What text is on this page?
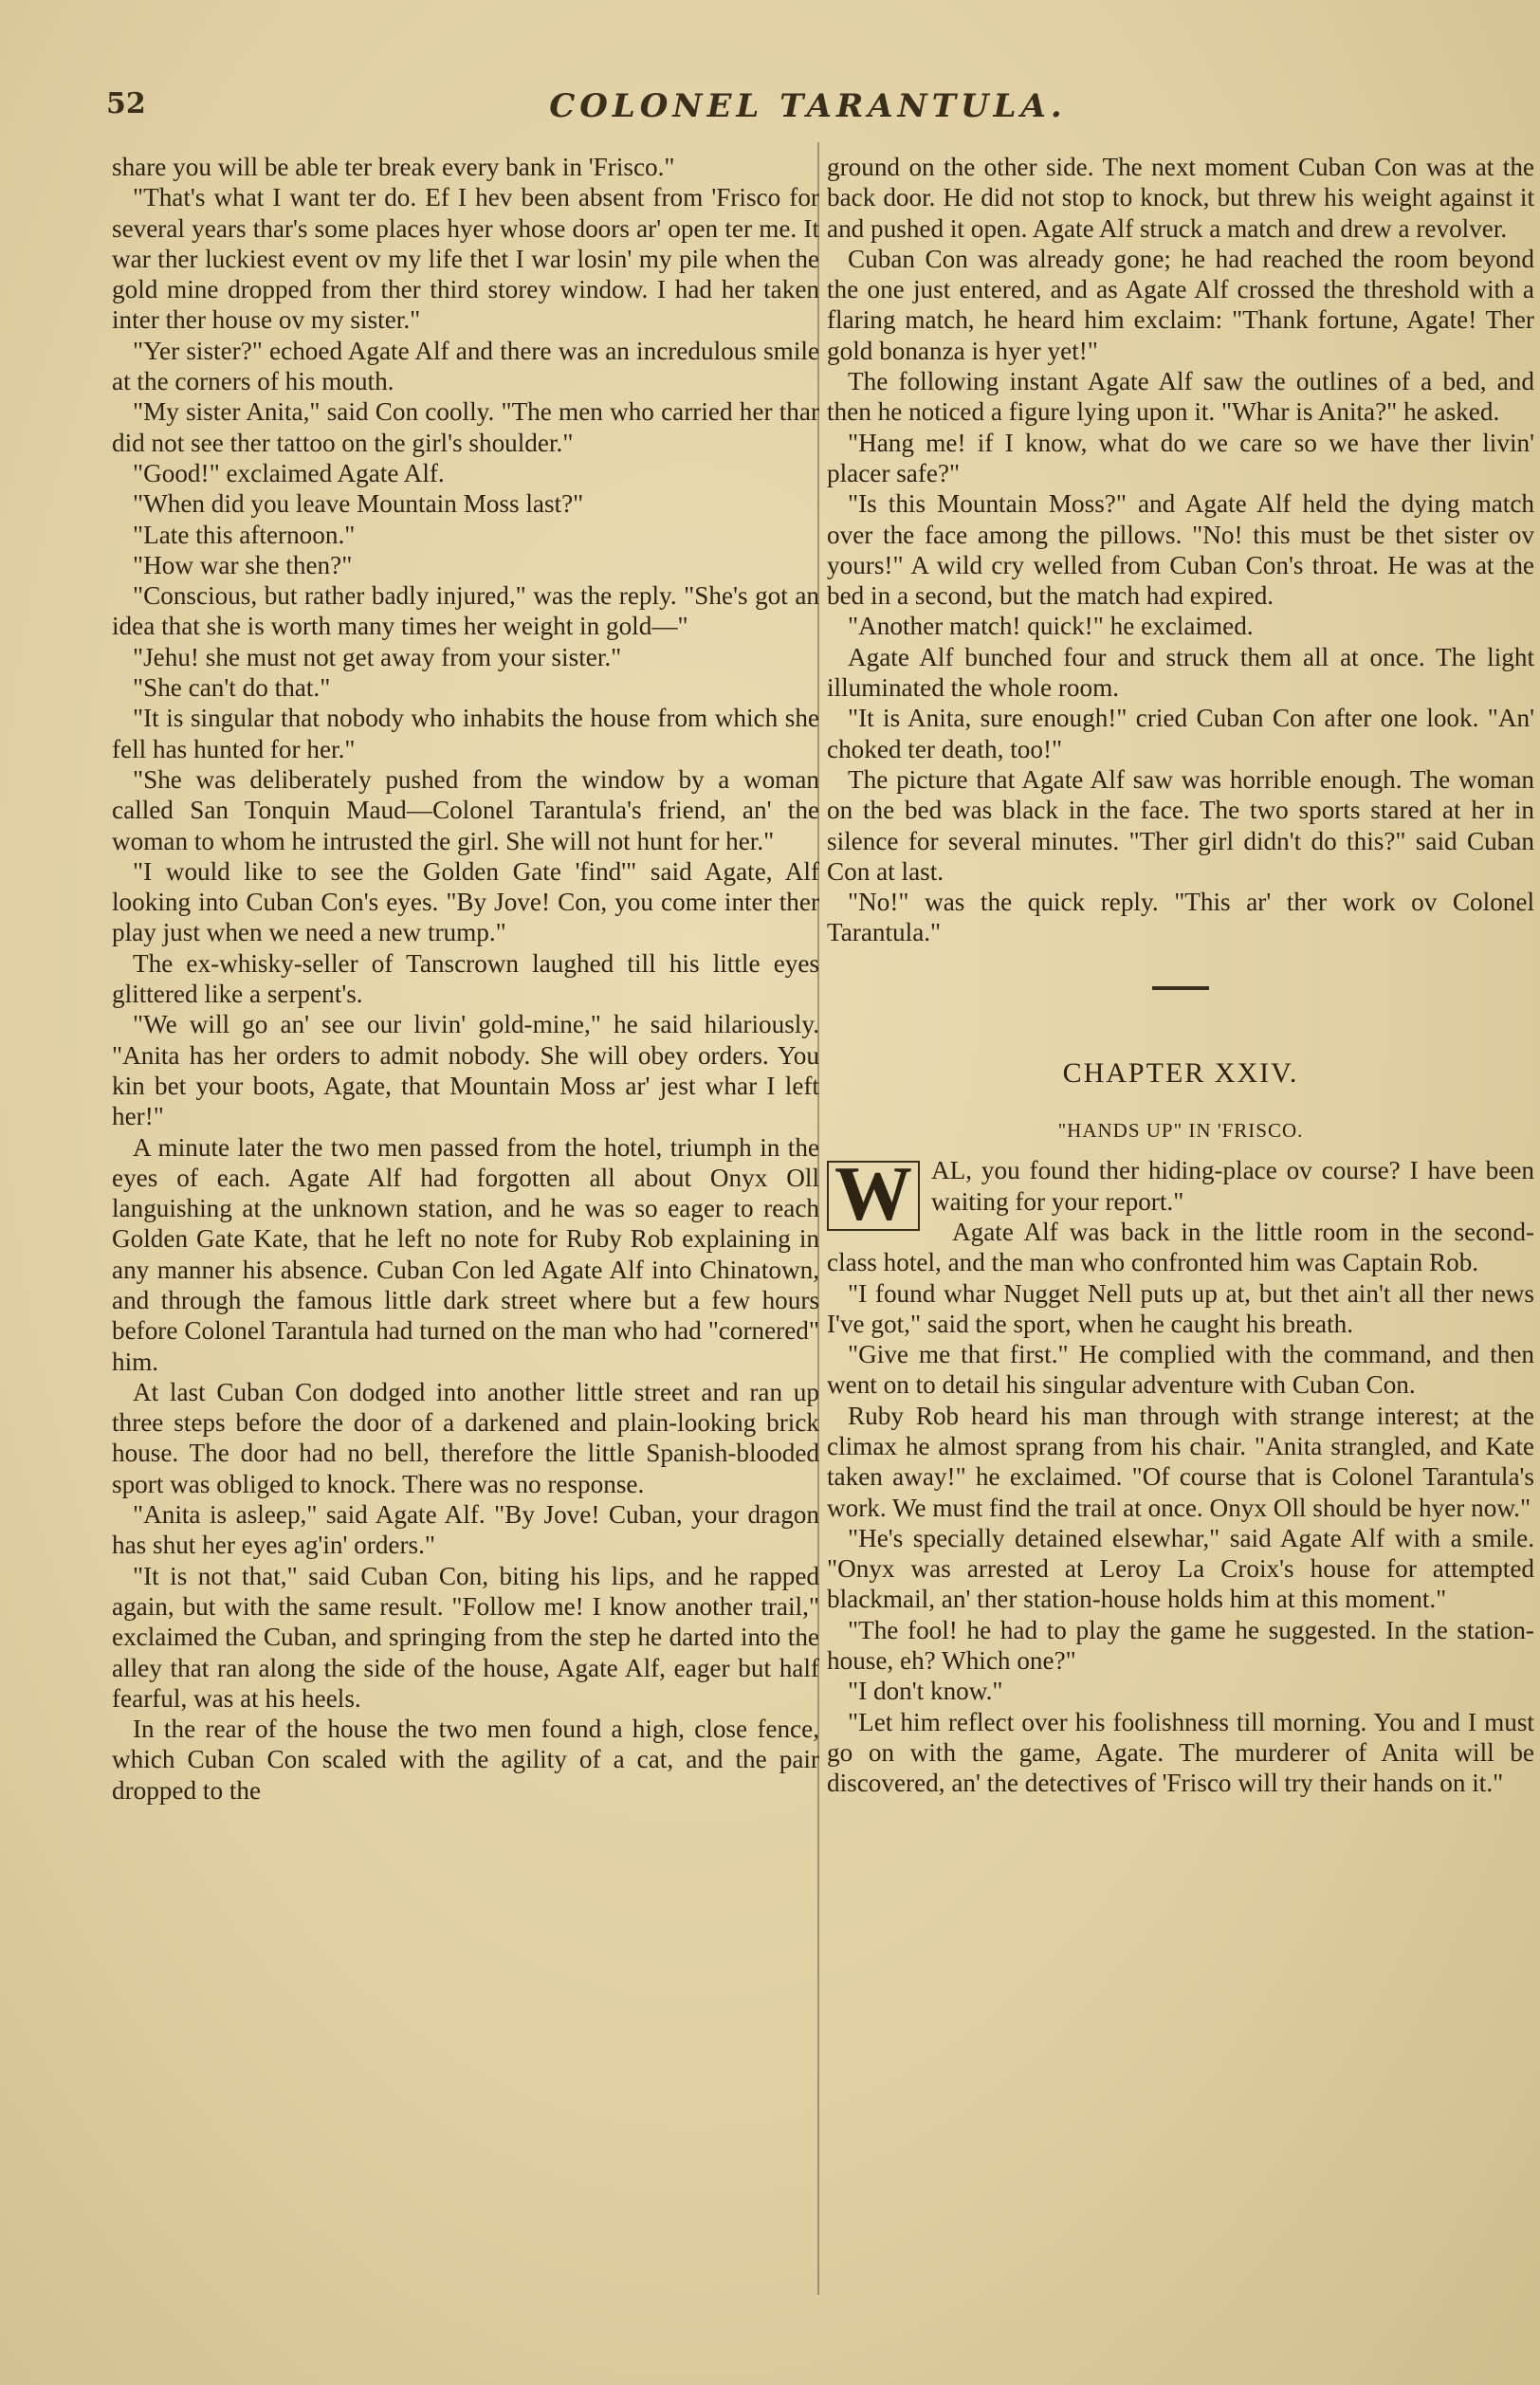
52	COLONEL TARANTULA.

share you will be able ter break every bank in 'Frisco."

"That's what I want ter do. Ef I hev been absent from 'Frisco for several years thar's some places hyer whose doors ar' open ter me. It war ther luckiest event ov my life thet I war losin' my pile when the gold mine dropped from ther third storey window. I had her taken inter ther house ov my sister."

"Yer sister?" echoed Agate Alf and there was an incredulous smile at the corners of his mouth.

"My sister Anita," said Con coolly. "The men who carried her thar did not see ther tattoo on the girl's shoulder."

"Good!" exclaimed Agate Alf.

"When did you leave Mountain Moss last?"

"Late this afternoon."

"How war she then?"

"Conscious, but rather badly injured," was the reply. "She's got an idea that she is worth many times her weight in gold—"

"Jehu! she must not get away from your sister."

"She can't do that."

"It is singular that nobody who inhabits the house from which she fell has hunted for her."

"She was deliberately pushed from the window by a woman called San Tonquin Maud—Colonel Tarantula's friend, an' the woman to whom he intrusted the girl. She will not hunt for her."

"I would like to see the Golden Gate 'find'" said Agate, Alf looking into Cuban Con's eyes. "By Jove! Con, you come inter ther play just when we need a new trump."

The ex-whisky-seller of Tanscrown laughed till his little eyes glittered like a serpent's.

"We will go an' see our livin' gold-mine," he said hilariously. "Anita has her orders to admit nobody. She will obey orders. You kin bet your boots, Agate, that Mountain Moss ar' jest whar I left her!"

A minute later the two men passed from the hotel, triumph in the eyes of each. Agate Alf had forgotten all about Onyx Oll languishing at the unknown station, and he was so eager to reach Golden Gate Kate, that he left no note for Ruby Rob explaining in any manner his absence. Cuban Con led Agate Alf into Chinatown, and through the famous little dark street where but a few hours before Colonel Tarantula had turned on the man who had "cornered" him.

At last Cuban Con dodged into another little street and ran up three steps before the door of a darkened and plain-looking brick house. The door had no bell, therefore the little Spanish-blooded sport was obliged to knock. There was no response.

"Anita is asleep," said Agate Alf. "By Jove! Cuban, your dragon has shut her eyes ag'in' orders."

"It is not that," said Cuban Con, biting his lips, and he rapped again, but with the same result. "Follow me! I know another trail," exclaimed the Cuban, and springing from the step he darted into the alley that ran along the side of the house, Agate Alf, eager but half fearful, was at his heels.

In the rear of the house the two men found a high, close fence, which Cuban Con scaled with the agility of a cat, and the pair dropped to the

ground on the other side. The next moment Cuban Con was at the back door. He did not stop to knock, but threw his weight against it and pushed it open. Agate Alf struck a match and drew a revolver.

Cuban Con was already gone; he had reached the room beyond the one just entered, and as Agate Alf crossed the threshold with a flaring match, he heard him exclaim: "Thank fortune, Agate! Ther gold bonanza is hyer yet!"

The following instant Agate Alf saw the outlines of a bed, and then he noticed a figure lying upon it. "Whar is Anita?" he asked.

"Hang me! if I know, what do we care so we have ther livin' placer safe?"

"Is this Mountain Moss?" and Agate Alf held the dying match over the face among the pillows. "No! this must be thet sister ov yours!" A wild cry welled from Cuban Con's throat. He was at the bed in a second, but the match had expired.

"Another match! quick!" he exclaimed.

Agate Alf bunched four and struck them all at once. The light illuminated the whole room.

"It is Anita, sure enough!" cried Cuban Con after one look. "An' choked ter death, too!"

The picture that Agate Alf saw was horrible enough. The woman on the bed was black in the face. The two sports stared at her in silence for several minutes. "Ther girl didn't do this?" said Cuban Con at last.

"No!" was the quick reply. "This ar' ther work ov Colonel Tarantula."

CHAPTER XXIV.
"HANDS UP" IN 'FRISCO.

W AL, you found ther hiding-place ov course? I have been waiting for your report."

Agate Alf was back in the little room in the second-class hotel, and the man who confronted him was Captain Rob.

"I found whar Nugget Nell puts up at, but thet ain't all ther news I've got," said the sport, when he caught his breath.

"Give me that first." He complied with the command, and then went on to detail his singular adventure with Cuban Con.

Ruby Rob heard his man through with strange interest; at the climax he almost sprang from his chair. "Anita strangled, and Kate taken away!" he exclaimed. "Of course that is Colonel Tarantula's work. We must find the trail at once. Onyx Oll should be hyer now."

"He's specially detained elsewhar," said Agate Alf with a smile. "Onyx was arrested at Leroy La Croix's house for attempted blackmail, an' ther station-house holds him at this moment."

"The fool! he had to play the game he suggested. In the station-house, eh? Which one?"

"I don't know."

"Let him reflect over his foolishness till morning. You and I must go on with the game, Agate. The murderer of Anita will be discovered, an' the detectives of 'Frisco will try their hands on it."
